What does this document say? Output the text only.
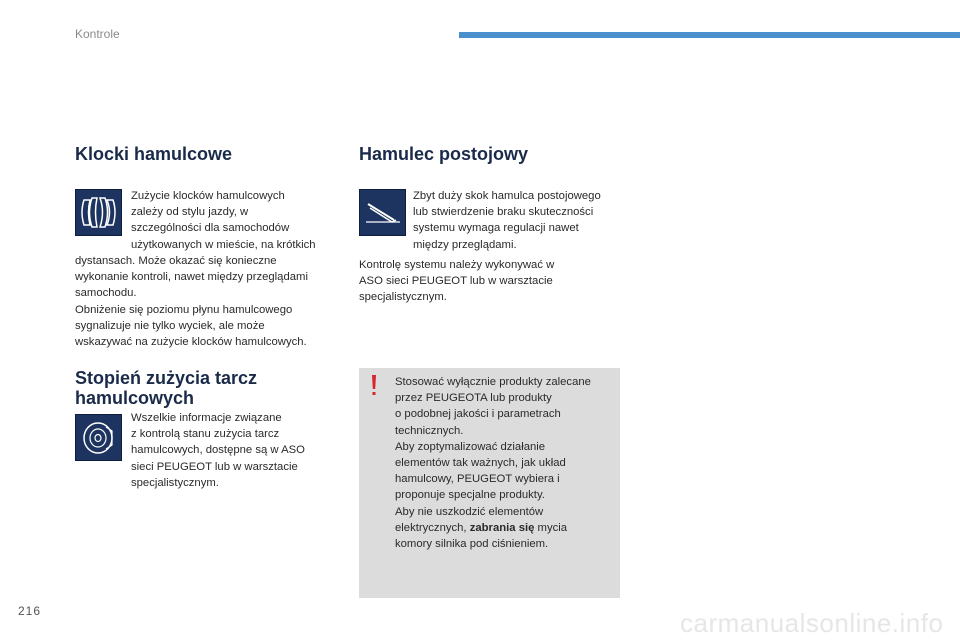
Kontrole
Klocki hamulcowe

Zużycie klocków hamulcowych

zależy od stylu jazdy, w

szczególności dla samochodów

użytkowanych w mieście, na krótkich

dystansach. Może okazać się konieczne

wykonanie kontroli, nawet między przeglądami

samochodu.

Obniżenie się poziomu płynu hamulcowego

sygnalizuje nie tylko wyciek, ale może

wskazywać na zużycie klocków hamulcowych.

Stopień zużycia tarcz
hamulcowych

Wszelkie informacje związane

z kontrolą stanu zużycia tarcz

hamulcowych, dostępne są w ASO

sieci PEUGEOT lub w warsztacie

specjalistycznym.

Hamulec postojowy

Zbyt duży skok hamulca postojowego

lub stwierdzenie braku skuteczności

systemu wymaga regulacji nawet

między przeglądami.

Kontrolę systemu należy wykonywać w

ASO sieci PEUGEOT lub w warsztacie

specjalistycznym.

Stosować wyłącznie produkty zalecane

przez PEUGEOTA lub produkty

o podobnej jakości i parametrach

technicznych.

Aby zoptymalizować działanie

elementów tak ważnych, jak układ

hamulcowy, PEUGEOT wybiera i

proponuje specjalne produkty.

Aby nie uszkodzić elementów

elektrycznych, zabrania się mycia

komory silnika pod ciśnieniem.

216	carmanualsonline.info
